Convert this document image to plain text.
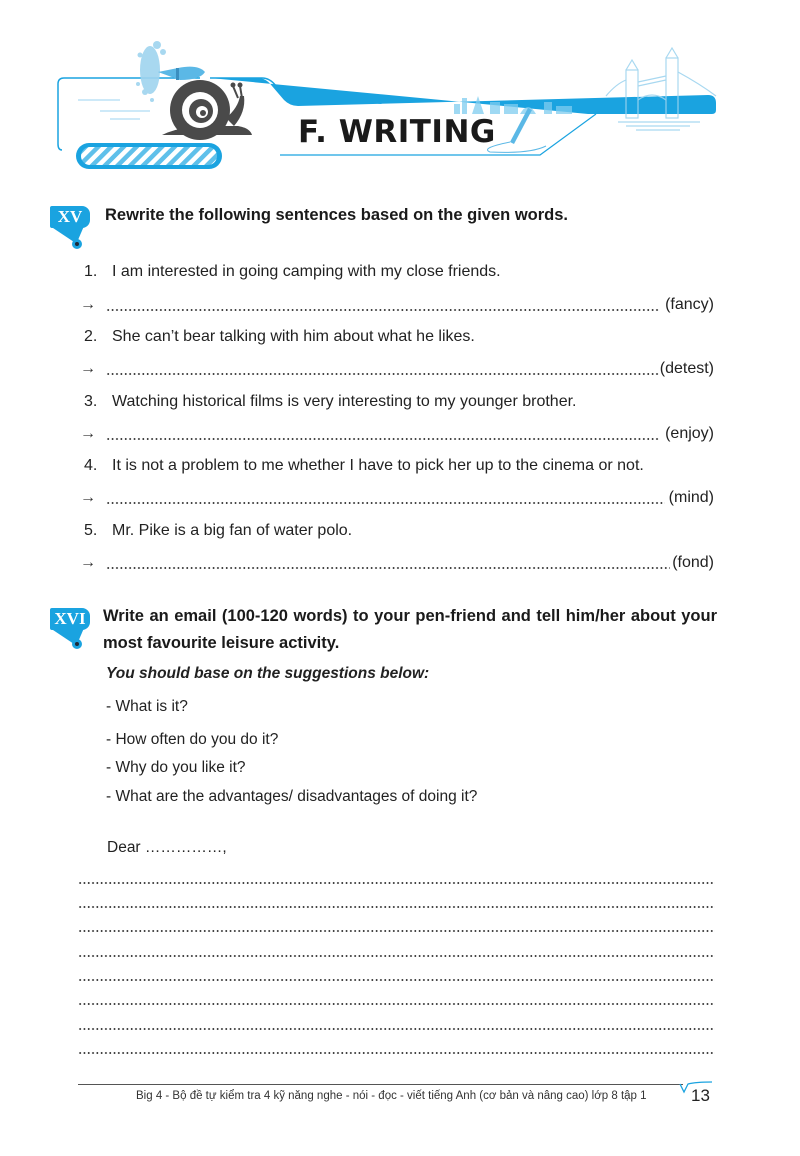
F. WRITING
XV	Rewrite the following sentences based on the given words.
1. I am interested in going camping with my close friends.
→	(fancy)
2. She can’t bear talking with him about what he likes.
→	(detest)
3. Watching historical films is very interesting to my younger brother.
→	(enjoy)
4. It is not a problem to me whether I have to pick her up to the cinema or not.
→	(mind)
5. Mr. Pike is a big fan of water polo.
→	(fond)
XVI Write an email (100-120 words) to your pen-friend and tell him/her about your
most favourite leisure activity.
You should base on the suggestions below:
- What is it?
- How often do you do it?
- Why do you like it?
- What are the advantages/ disadvantages of doing it?
Dear ……………,
Big 4 - Bộ đề tự kiểm tra 4 kỹ năng nghe - nói - đọc - viết tiếng Anh (cơ bản và nâng cao) lớp 8 tập 1	13
